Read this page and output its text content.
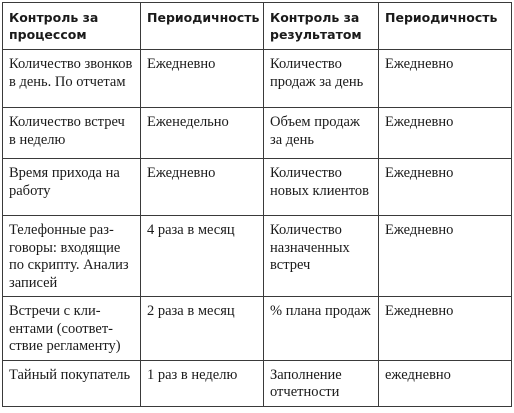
Контроль за процессом	Периодичность	Контроль за результатом	Периодичность
Количество звонков в день. По отчетам	Ежедневно	Количество продаж за день	Ежедневно
Количество встреч в неделю	Еженедельно	Объем продаж за день	Ежедневно
Время прихода на работу	Ежедневно	Количество новых клиентов	Ежедневно
Телефонные разговоры: входящие по скрипту. Анализ записей	4 раза в месяц	Количество назначенных встреч	Ежедневно
Встречи с клиентами (соответствие регламенту)	2 раза в месяц	% плана продаж	Ежедневно
Тайный покупатель	1 раз в неделю	Заполнение отчетности	ежедневно
